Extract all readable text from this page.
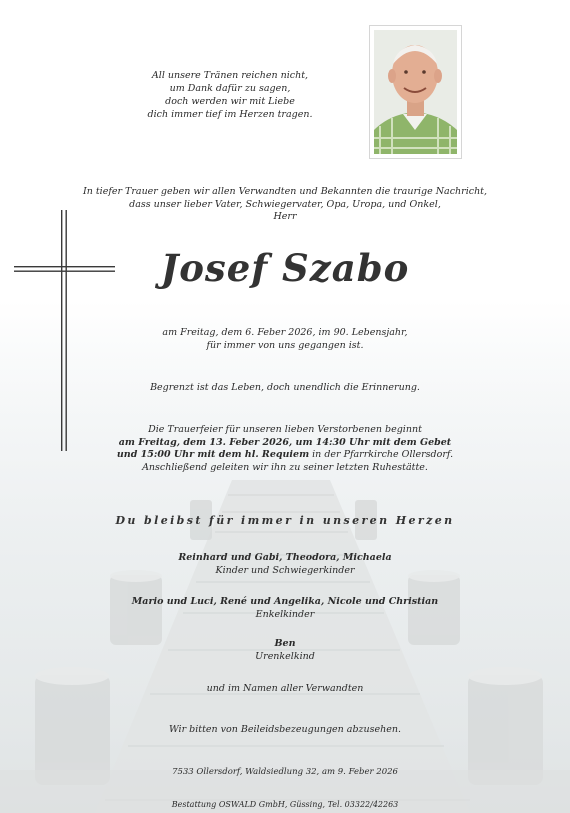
All unsere Tränen reichen nicht,
um Dank dafür zu sagen,
doch werden wir mit Liebe
dich immer tief im Herzen tragen.
In tiefer Trauer geben wir allen Verwandten und Bekannten die traurige Nachricht,
dass unser lieber Vater, Schwiegervater, Opa, Uropa, und Onkel,
Herr
Josef Szabo
am Freitag, dem 6. Feber 2026, im 90. Lebensjahr,
für immer von uns gegangen ist.
Begrenzt ist das Leben, doch unendlich die Erinnerung.
Die Trauerfeier für unseren lieben Verstorbenen beginnt
am Freitag, dem 13. Feber 2026, um 14:30 Uhr mit dem Gebet
und 15:00 Uhr mit dem hl. Requiem in der Pfarrkirche Ollersdorf.
Anschließend geleiten wir ihn zu seiner letzten Ruhestätte.
Du bleibst für immer in unseren Herzen
Reinhard und Gabi, Theodora, Michaela
Kinder und Schwiegerkinder
Mario und Luci, René und Angelika, Nicole und Christian
Enkelkinder
Ben
Urenkelkind
und im Namen aller Verwandten
Wir bitten von Beileidsbezeugungen abzusehen.
7533 Ollersdorf, Waldsiedlung 32, am 9. Feber 2026
Bestattung OSWALD GmbH, Güssing, Tel. 03322/42263
